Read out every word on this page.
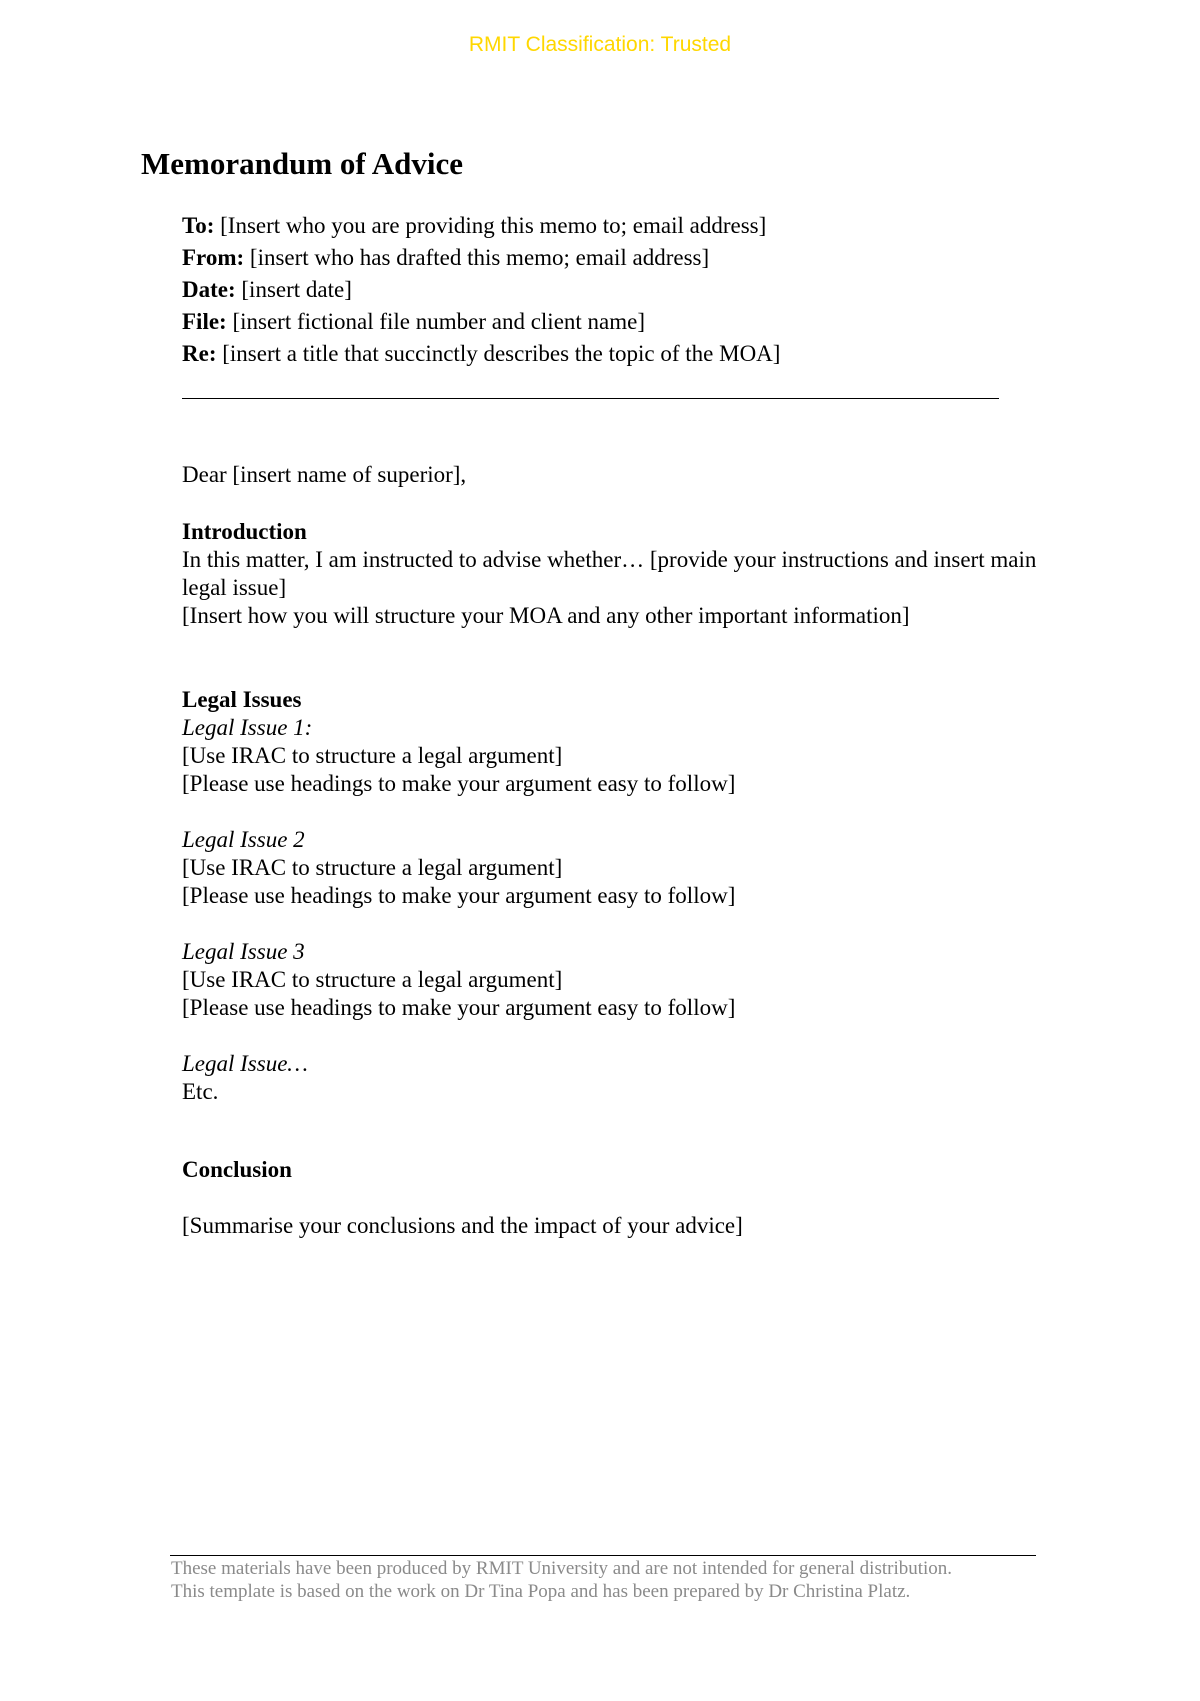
RMIT Classification: Trusted
Memorandum of Advice
To: [Insert who you are providing this memo to; email address]
From: [insert who has drafted this memo; email address]
Date: [insert date]
File: [insert fictional file number and client name]
Re: [insert a title that succinctly describes the topic of the MOA]
Dear [insert name of superior],
Introduction
In this matter, I am instructed to advise whether… [provide your instructions and insert main legal issue]
[Insert how you will structure your MOA and any other important information]
Legal Issues
Legal Issue 1:
[Use IRAC to structure a legal argument]
[Please use headings to make your argument easy to follow]
Legal Issue 2
[Use IRAC to structure a legal argument]
[Please use headings to make your argument easy to follow]
Legal Issue 3
[Use IRAC to structure a legal argument]
[Please use headings to make your argument easy to follow]
Legal Issue…
Etc.
Conclusion
[Summarise your conclusions and the impact of your advice]
These materials have been produced by RMIT University and are not intended for general distribution.
This template is based on the work on Dr Tina Popa and has been prepared by Dr Christina Platz.
